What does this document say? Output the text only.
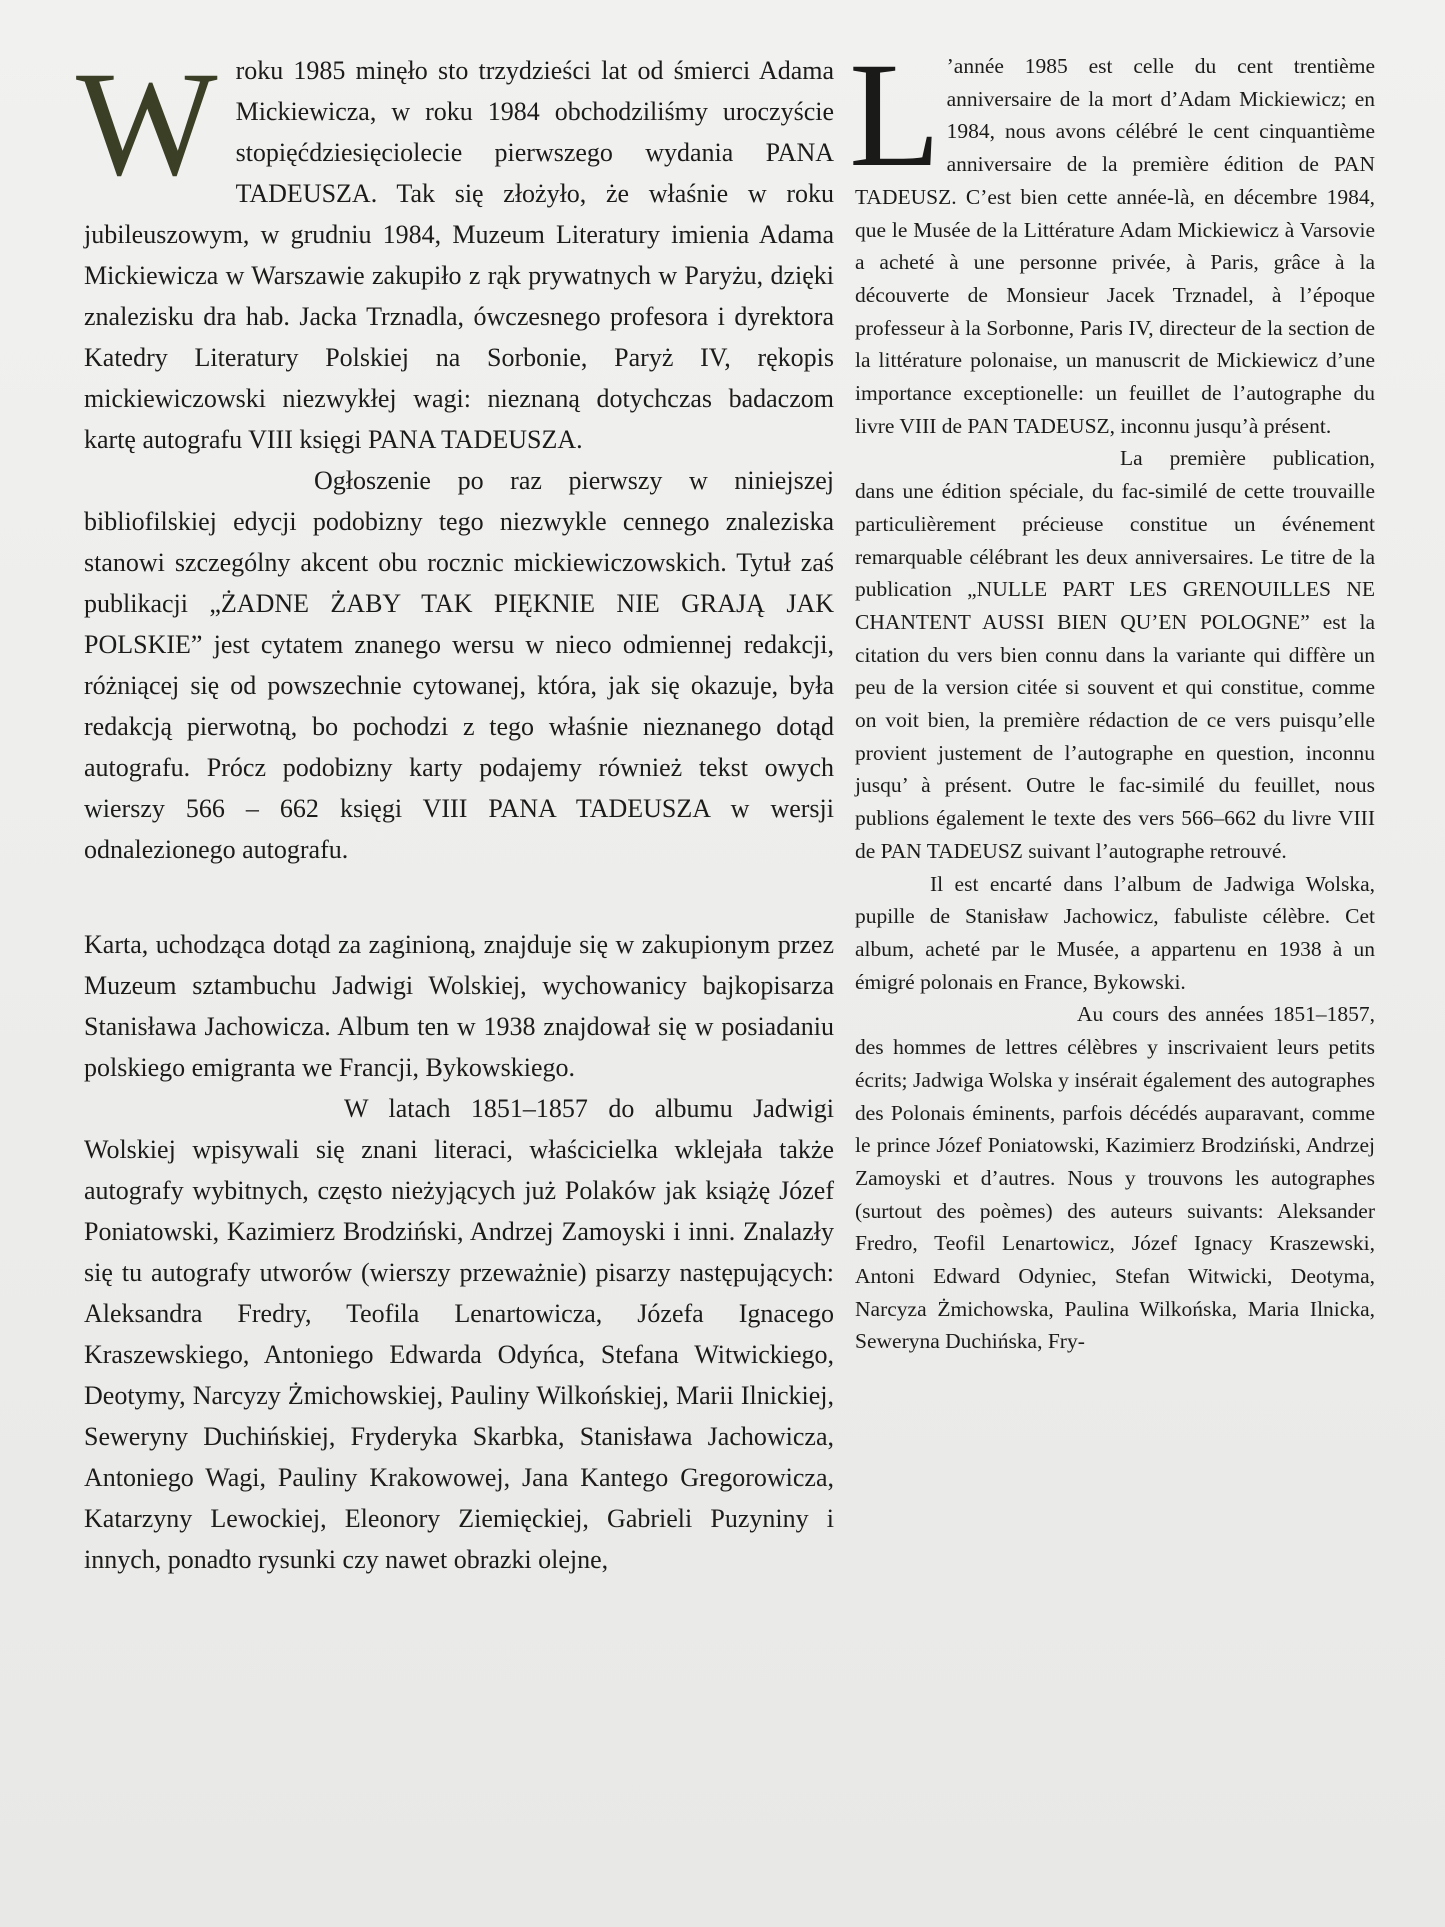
Wroku 1985 minęło sto trzydzieści lat od śmierci Adama Mickiewicza, w roku 1984 obchodziliśmy uroczyście stopięćdziesięciolecie pierwszego wydania PANA TADEUSZA. Tak się złożyło, że właśnie w roku jubileuszowym, w grudniu 1984, Muzeum Literatury imienia Adama Mickiewicza w Warszawie zakupiło z rąk prywatnych w Paryżu, dzięki znalezisku dra hab. Jacka Trznadla, ówczesnego profesora i dyrektora Katedry Literatury Polskiej na Sorbonie, Paryż IV, rękopis mickiewiczowski niezwykłej wagi: nieznaną dotychczas badaczom kartę autografu VIII księgi PANA TADEUSZA.

Ogłoszenie po raz pierwszy w niniejszej bibliofilskiej edycji podobizny tego niezwykle cennego znaleziska stanowi szczególny akcent obu rocznic mickiewiczowskich. Tytuł zaś publikacji „ŻADNE ŻABY TAK PIĘKNIE NIE GRAJĄ JAK POLSKIE” jest cytatem znanego wersu w nieco odmiennej redakcji, różniącej się od powszechnie cytowanej, która, jak się okazuje, była redakcją pierwotną, bo pochodzi z tego właśnie nieznanego dotąd autografu. Prócz podobizny karty podajemy również tekst owych wierszy 566 – 662 księgi VIII PANA TADEUSZA w wersji odnalezionego autografu.

Karta, uchodząca dotąd za zaginioną, znajduje się w zakupionym przez Muzeum sztambuchu Jadwigi Wolskiej, wychowanicy bajkopisarza Stanisława Jachowicza. Album ten w 1938 znajdował się w posiadaniu polskiego emigranta we Francji, Bykowskiego.

W latach 1851–1857 do albumu Jadwigi Wolskiej wpisywali się znani literaci, właścicielka wklejała także autografy wybitnych, często nieżyjących już Polaków jak książę Józef Poniatowski, Kazimierz Brodziński, Andrzej Zamoyski i inni. Znalazły się tu autografy utworów (wierszy przeważnie) pisarzy następujących: Aleksandra Fredry, Teofila Lenartowicza, Józefa Ignacego Kraszewskiego, Antoniego Edwarda Odyńca, Stefana Witwickiego, Deotymy, Narcyzy Żmichowskiej, Pauliny Wilkońskiej, Marii Ilnickiej, Seweryny Duchińskiej, Fryderyka Skarbka, Stanisława Jachowicza, Antoniego Wagi, Pauliny Krakowowej, Jana Kantego Gregorowicza, Katarzyny Lewockiej, Eleonory Ziemięckiej, Gabrieli Puzyniny i innych, ponadto rysunki czy nawet obrazki olejne,

L ’année 1985 est celle du cent trentième anniversaire de la mort d’Adam Mickiewicz; en 1984, nous avons célébré le cent cinquantième anniversaire de la première édition de PAN TADEUSZ. C’est bien cette année-là, en décembre 1984, que le Musée de la Littérature Adam Mickiewicz à Varsovie a acheté à une personne privée, à Paris, grâce à la découverte de Monsieur Jacek Trznadel, à l’époque professeur à la Sorbonne, Paris IV, directeur de la section de la littérature polonaise, un manuscrit de Mickiewicz d’une importance exceptionelle: un feuillet de l’autographe du livre VIII de PAN TADEUSZ, inconnu jusqu’à présent.

La première publication, dans une édition spéciale, du fac-similé de cette trouvaille particulièrement précieuse constitue un événement remarquable célébrant les deux anniversaires. Le titre de la publication „NULLE PART LES GRENOUILLES NE CHANTENT AUSSI BIEN QU’EN POLOGNE” est la citation du vers bien connu dans la variante qui diffère un peu de la version citée si souvent et qui constitue, comme on voit bien, la première rédaction de ce vers puisqu’elle provient justement de l’autographe en question, inconnu jusqu’ à présent. Outre le fac-similé du feuillet, nous publions également le texte des vers 566–662 du livre VIII de PAN TADEUSZ suivant l’autographe retrouvé.

Il est encarté dans l’album de Jadwiga Wolska, pupille de Stanisław Jachowicz, fabuliste célèbre. Cet album, acheté par le Musée, a appartenu en 1938 à un émigré polonais en France, Bykowski.

Au cours des années 1851–1857, des hommes de lettres célèbres y inscrivaient leurs petits écrits; Jadwiga Wolska y insérait également des autographes des Polonais éminents, parfois décédés auparavant, comme le prince Józef Poniatowski, Kazimierz Brodziński, Andrzej Zamoyski et d’autres. Nous y trouvons les autographes (surtout des poèmes) des auteurs suivants: Aleksander Fredro, Teofil Lenartowicz, Józef Ignacy Kraszewski, Antoni Edward Odyniec, Stefan Witwicki, Deotyma, Narcyza Żmichowska, Paulina Wilkońska, Maria Ilnicka, Seweryna Duchińska, Fry-
